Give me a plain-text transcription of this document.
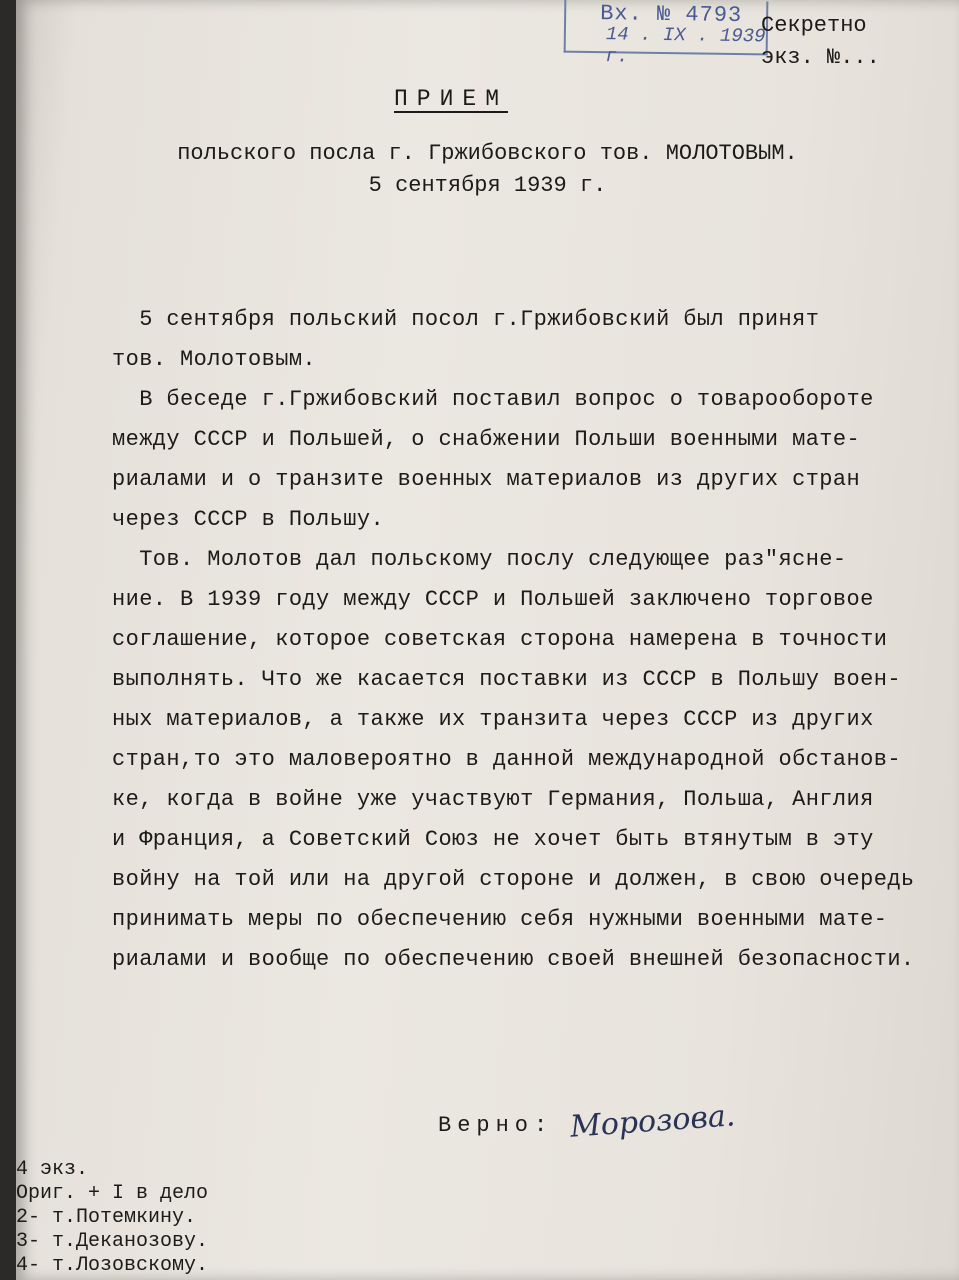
Вх. № 4793
14 . IX . 1939 г.
Секретно
экз. №...
ПРИЕМ
польского посла г. Гржибовского тов. МОЛОТОВЫМ.
5 сентября 1939 г.
5 сентября польский посол г.Гржибовский был принят
тов. Молотовым.
В беседе г.Гржибовский поставил вопрос о товарообороте
между СССР и Польшей, о снабжении Польши военными мате-
риалами и о транзите военных материалов из других стран
через СССР в Польшу.
Тов. Молотов дал польскому послу следующее раз"ясне-
ние. В 1939 году между СССР и Польшей заключено торговое
соглашение, которое советская сторона намерена в точности
выполнять. Что же касается поставки из СССР в Польшу воен-
ных материалов, а также их транзита через СССР из других
стран,то это маловероятно в данной международной обстанов-
ке, когда в войне уже участвуют Германия, Польша, Англия
и Франция, а Советский Союз не хочет быть втянутым в эту
войну на той или на другой стороне и должен, в свою очередь
принимать меры по обеспечению себя нужными военными мате-
риалами и вообще по обеспечению своей внешней безопасности.
Верно: Морозова.
4 экз.
Ориг. + I в дело
2- т.Потемкину.
3- т.Деканозову.
4- т.Лозовскому.
